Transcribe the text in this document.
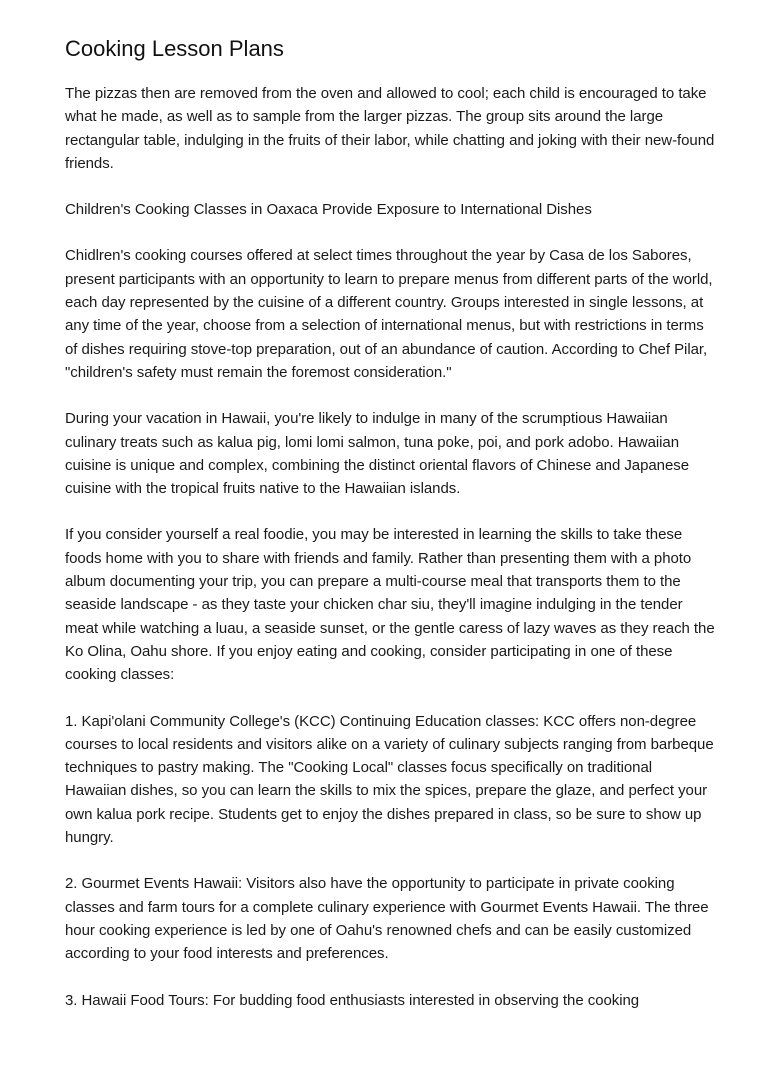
Cooking Lesson Plans

The pizzas then are removed from the oven and allowed to cool; each child is encouraged to take what he made, as well as to sample from the larger pizzas. The group sits around the large rectangular table, indulging in the fruits of their labor, while chatting and joking with their new-found friends.

Children's Cooking Classes in Oaxaca Provide Exposure to International Dishes

Chidlren's cooking courses offered at select times throughout the year by Casa de los Sabores, present participants with an opportunity to learn to prepare menus from different parts of the world, each day represented by the cuisine of a different country. Groups interested in single lessons, at any time of the year, choose from a selection of international menus, but with restrictions in terms of dishes requiring stove-top preparation, out of an abundance of caution. According to Chef Pilar, "children's safety must remain the foremost consideration."

During your vacation in Hawaii, you're likely to indulge in many of the scrumptious Hawaiian culinary treats such as kalua pig, lomi lomi salmon, tuna poke, poi, and pork adobo. Hawaiian cuisine is unique and complex, combining the distinct oriental flavors of Chinese and Japanese cuisine with the tropical fruits native to the Hawaiian islands.

If you consider yourself a real foodie, you may be interested in learning the skills to take these foods home with you to share with friends and family. Rather than presenting them with a photo album documenting your trip, you can prepare a multi-course meal that transports them to the seaside landscape - as they taste your chicken char siu, they'll imagine indulging in the tender meat while watching a luau, a seaside sunset, or the gentle caress of lazy waves as they reach the Ko Olina, Oahu shore. If you enjoy eating and cooking, consider participating in one of these cooking classes:

1. Kapi'olani Community College's (KCC) Continuing Education classes: KCC offers non-degree courses to local residents and visitors alike on a variety of culinary subjects ranging from barbeque techniques to pastry making. The "Cooking Local" classes focus specifically on traditional Hawaiian dishes, so you can learn the skills to mix the spices, prepare the glaze, and perfect your own kalua pork recipe. Students get to enjoy the dishes prepared in class, so be sure to show up hungry.

2. Gourmet Events Hawaii: Visitors also have the opportunity to participate in private cooking classes and farm tours for a complete culinary experience with Gourmet Events Hawaii. The three hour cooking experience is led by one of Oahu's renowned chefs and can be easily customized according to your food interests and preferences.

3. Hawaii Food Tours: For budding food enthusiasts interested in observing the cooking
